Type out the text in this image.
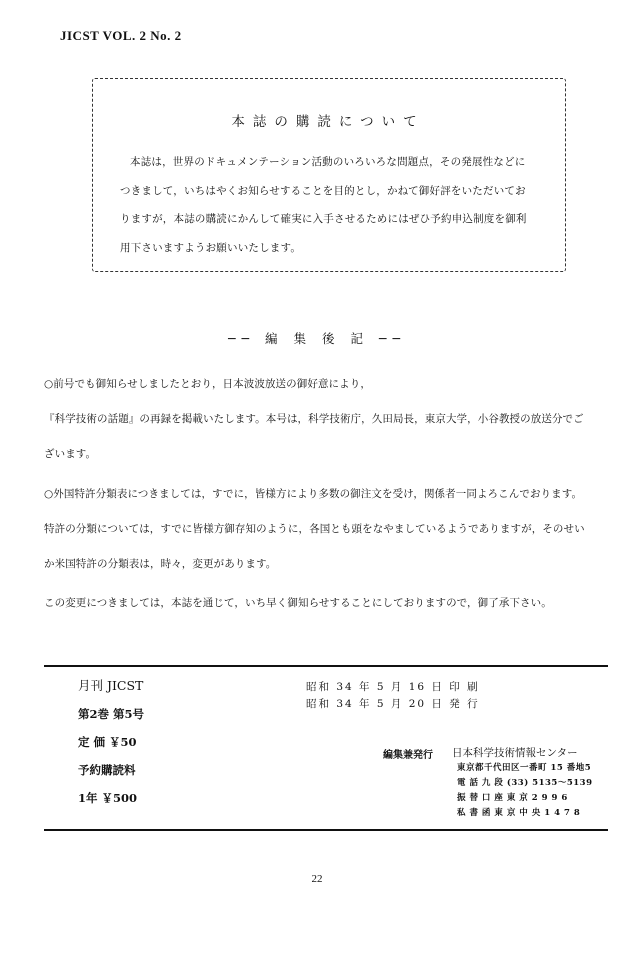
JICST VOL. 2 No. 2
本誌の購読について
本誌は，世界のドキュメンテーション活動のいろいろな問題点，その発展性などに
つきまして，いちはやくお知らせすることを目的とし，かねて御好評をいただいてお
りますが，本誌の購読にかんして確実に入手させるためにはぜひ予約申込制度を御利
用下さいますようお願いいたします。
── 編 集 後 記 ──
○前号でも御知らせしましたとおり，日本波波放送の御好意により，
『科学技術の話題』の再録を掲載いたします。本号は，科学技術庁，久田局長，東京大学，小谷教授の放送分でご
ざいます。
○外国特許分類表につきましては，すでに，皆様方により多数の御注文を受け，関係者一同よろこんでおります。
特許の分類については，すでに皆様方御存知のように，各国とも頭をなやましているようでありますが，そのせい
か米国特許の分類表は，時々，変更があります。
この変更につきましては，本誌を通じて，いち早く御知らせすることにしておりますので，御了承下さい。
月刊 JICST
第2巻 第5号
定 価 ￥50
予約購読料
1年 ￥500
昭和 34 年 5 月 16 日 印 刷
昭和 34 年 5 月 20 日 発 行
編集兼発行 日本科学技術情報センター
東京都千代田区一番町 15 番地5
電 話 九 段 (33) 5135～5139
振 替 口 座 東 京 2 9 9 6
私 書 函 東 京 中 央 1 4 7 8
22
